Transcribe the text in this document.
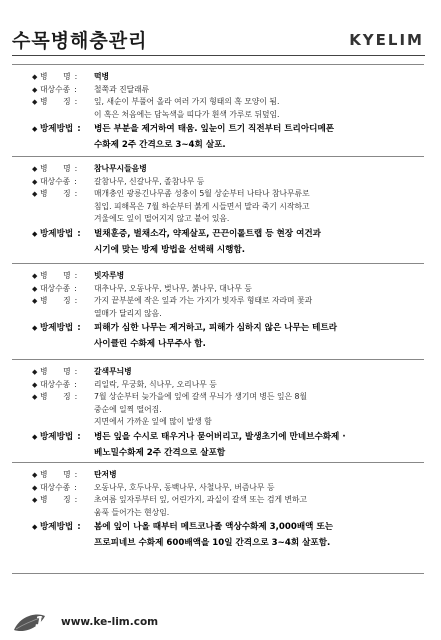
수목병해충관리	KYELIM
◆ 병　　명 :	떡병
◆ 대상수종 :	철쭉과 진달래류
◆ 병　　징 :	잎, 새순이 부풀어 올라 여러 가지 형태의 혹 모양이 됨.
이 혹은 처음에는 담녹색을 띠다가 흰색 가루로 뒤덮임.
◆ 방제방법 :	병든 부분을 제거하여 태움. 잎눈이 트기 직전부터 트리아디메폰
수화제 2주 간격으로 3~4회 살포.
◆ 병　　명 :	참나무시들음병
◆ 대상수종 :	갈참나무, 신갈나무, 졸참나무 등
◆ 병　　징 :	매개충인 광릉긴나무좀 성충이 5월 상순부터 나타나 참나무류로
침입. 피해목은 7월 하순부터 붉게 시들면서 말라 죽기 시작하고
겨울에도 잎이 떨어지지 않고 붙어 있음.
◆ 방제방법 :	벌채훈증, 벌채소각, 약제살포, 끈끈이롤트랩 등 현장 여건과
시기에 맞는 방제 방법을 선택해 시행함.
◆ 병　　명 :	빗자루병
◆ 대상수종 :	대추나무, 오동나무, 벚나무, 붉나무, 대나무 등
◆ 병　　징 :	가지 끝부분에 작은 잎과 가는 가지가 빗자루 형태로 자라며 꽃과
열매가 달리지 않음.
◆ 방제방법 :	피해가 심한 나무는 제거하고, 피해가 심하지 않은 나무는 테트라
사이클린 수화제 나무주사 함.
◆ 병　　명 :	갈색무늬병
◆ 대상수종 :	리일락, 무궁화, 식나무, 오리나무 등
◆ 병　　징 :	7월 상순부터 늦가을에 잎에 갈색 무늬가 생기며 병든 잎은 8월
중순에 일찍 떨어짐.
지면에서 가까운 잎에 많이 발생 함
◆ 방제방법 :	병든 잎을 수시로 태우거나 묻어버리고, 발생초기에 만네브수화제 ·
베노밀수화제 2주 간격으로 살포함
◆ 병　　명 :	탄저병
◆ 대상수종 :	오동나무, 호두나무, 동백나무, 사철나무, 버즘나무 등
◆ 병　　징 :	초여름 잎자루부터 잎, 어린가지, 과실이 갈색 또는 검게 변하고
움푹 들어가는 현상임.
◆ 방제방법 :	봄에 잎이 나올 때부터 메트코나졸 액상수화제 3,000배액 또는
프로피네브 수화제 600배액을 10일 간격으로 3~4회 살포함.
16 www.ke-lim.com
